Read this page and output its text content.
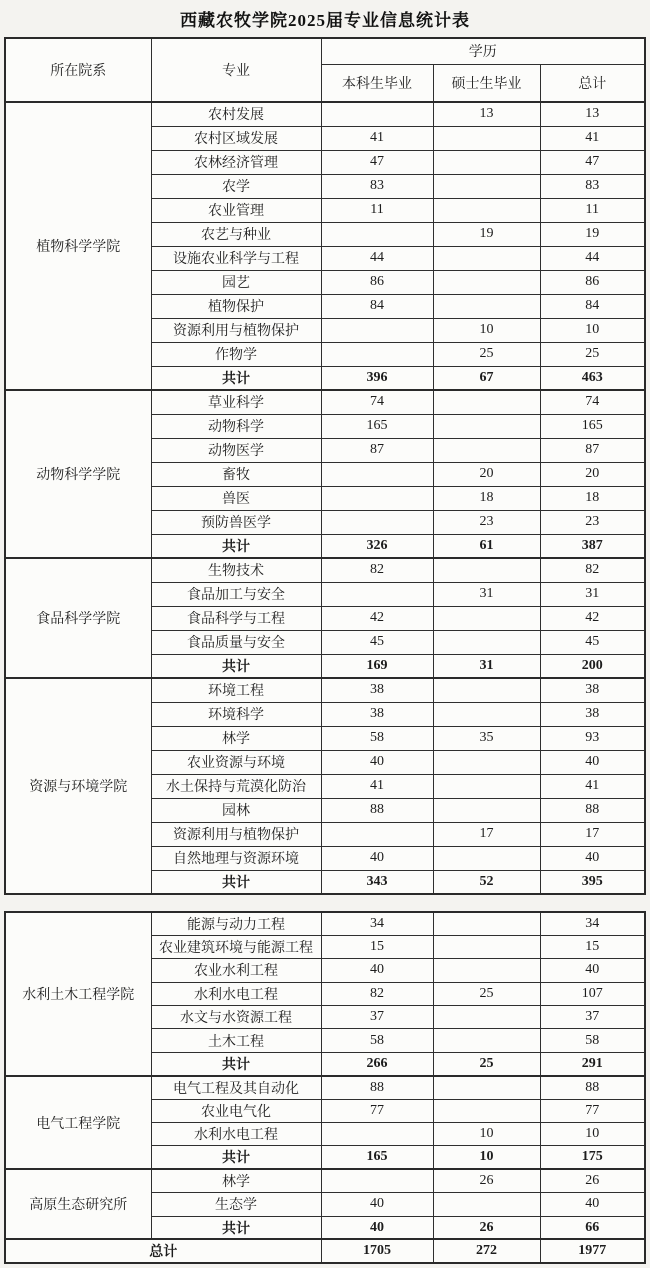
西藏农牧学院2025届专业信息统计表
所在院系	专业	学历		
		本科生毕业	硕士生毕业	总计
植物科学学院	农村发展		13	13
	农村区域发展	41		41
	农林经济管理	47		47
	农学	83		83
	农业管理	11		11
	农艺与种业		19	19
	设施农业科学与工程	44		44
	园艺	86		86
	植物保护	84		84
	资源利用与植物保护		10	10
	作物学		25	25
	共计	396	67	463
动物科学学院	草业科学	74		74
	动物科学	165		165
	动物医学	87		87
	畜牧		20	20
	兽医		18	18
	预防兽医学		23	23
	共计	326	61	387
食品科学学院	生物技术	82		82
	食品加工与安全		31	31
	食品科学与工程	42		42
	食品质量与安全	45		45
	共计	169	31	200
资源与环境学院	环境工程	38		38
	环境科学	38		38
	林学	58	35	93
	农业资源与环境	40		40
	水土保持与荒漠化防治	41		41
	园林	88		88
	资源利用与植物保护		17	17
	自然地理与资源环境	40		40
	共计	343	52	395
水利土木工程学院	能源与动力工程	34		34
	农业建筑环境与能源工程	15		15
	农业水利工程	40		40
	水利水电工程	82	25	107
	水文与水资源工程	37		37
	土木工程	58		58
	共计	266	25	291
电气工程学院	电气工程及其自动化	88		88
	农业电气化	77		77
	水利水电工程		10	10
	共计	165	10	175
高原生态研究所	林学		26	26
	生态学	40		40
	共计	40	26	66
总计		1705	272	1977
